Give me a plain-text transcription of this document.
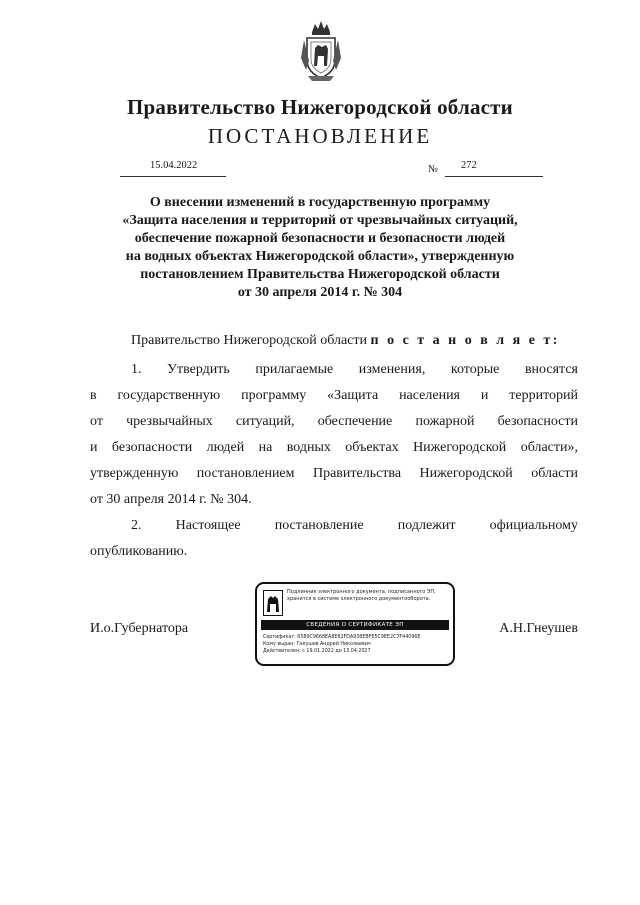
Правительство Нижегородской области
ПОСТАНОВЛЕНИЕ
15.04.2022	№ 272
О внесении изменений в государственную программу
«Защита населения и территорий от чрезвычайных ситуаций,
обеспечение пожарной безопасности и безопасности людей
на водных объектах Нижегородской области», утвержденную
постановлением Правительства Нижегородской области
от 30 апреля 2014 г. № 304
Правительство Нижегородской области п о с т а н о в л я е т:
1. Утвердить прилагаемые изменения, которые вносятся
в государственную программу «Защита населения и территорий
от чрезвычайных ситуаций, обеспечение пожарной безопасности
и безопасности людей на водных объектах Нижегородской области»,
утвержденную постановлением Правительства Нижегородской области
от 30 апреля 2014 г. № 304.
2. Настоящее постановление подлежит официальному
опубликованию.
И.о.Губернатора	А.Н.Гнеушев
Подлинник электронного документа, подписанного ЭП, хранится в системе электронного документооборота.
СВЕДЕНИЯ О СЕРТИФИКАТЕ ЭП
Сертификат: 6589C9668EA8E82FDA938EBFE5C9EE2C7F44096E
Кому выдан: Гнеушев Андрей Николаевич
Действителен: с 19.01.2022 до 13.04.2027
